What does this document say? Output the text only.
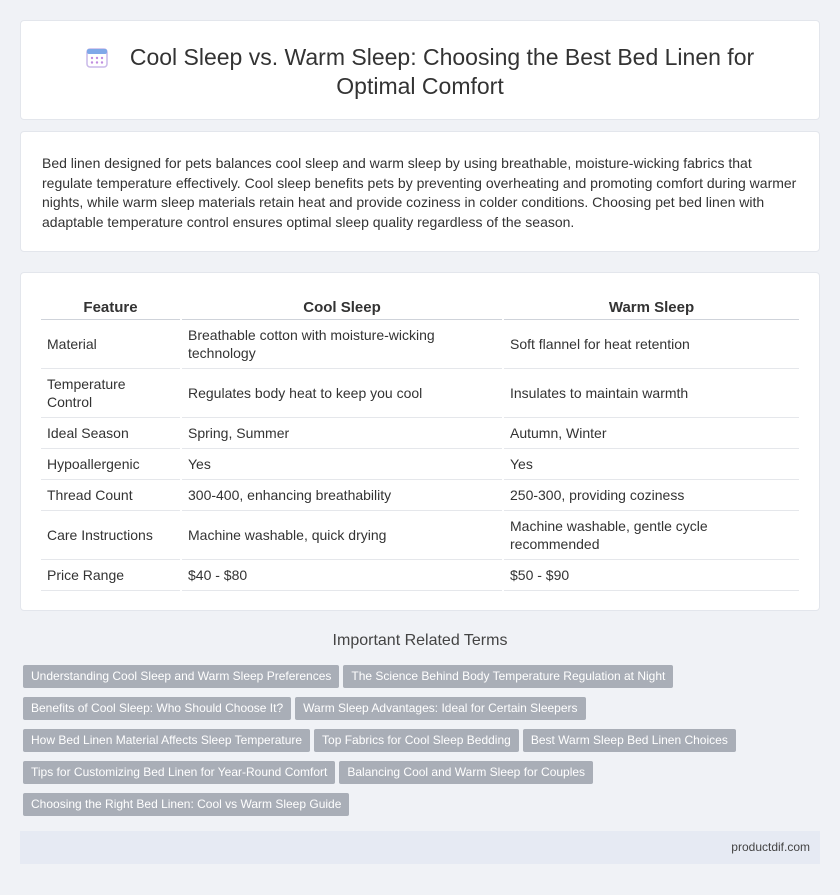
Cool Sleep vs. Warm Sleep: Choosing the Best Bed Linen for Optimal Comfort

Bed linen designed for pets balances cool sleep and warm sleep by using breathable, moisture-wicking fabrics that regulate temperature effectively. Cool sleep benefits pets by preventing overheating and promoting comfort during warmer nights, while warm sleep materials retain heat and provide coziness in colder conditions. Choosing pet bed linen with adaptable temperature control ensures optimal sleep quality regardless of the season.

Feature	Cool Sleep	Warm Sleep
Material	Breathable cotton with moisture-wicking technology	Soft flannel for heat retention
Temperature Control	Regulates body heat to keep you cool	Insulates to maintain warmth
Ideal Season	Spring, Summer	Autumn, Winter
Hypoallergenic	Yes	Yes
Thread Count	300-400, enhancing breathability	250-300, providing coziness
Care Instructions	Machine washable, quick drying	Machine washable, gentle cycle recommended
Price Range	$40 - $80	$50 - $90
Important Related Terms
Understanding Cool Sleep and Warm Sleep Preferences The Science Behind Body Temperature Regulation at Night
Benefits of Cool Sleep: Who Should Choose It? Warm Sleep Advantages: Ideal for Certain Sleepers
How Bed Linen Material Affects Sleep Temperature Top Fabrics for Cool Sleep Bedding Best Warm Sleep Bed Linen Choices
Tips for Customizing Bed Linen for Year-Round Comfort Balancing Cool and Warm Sleep for Couples
Choosing the Right Bed Linen: Cool vs Warm Sleep Guide
productdif.com
